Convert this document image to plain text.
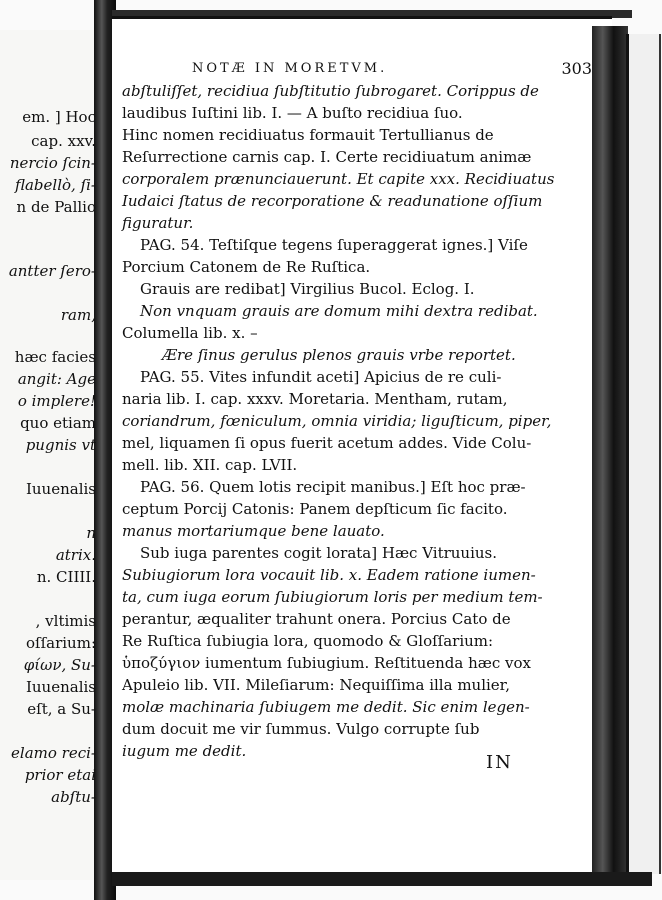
em. ] Hoc
cap. xxv.
nercio ſcin-
flabellò, ſi-
n de Pallio
antter ſero-
ram,
hæc facies
angit: Age
o implere!
quo etiam
pugnis vt
Iuuenalis
n
atrix.
n. CIIII.
, vltimis
oſſarium:
φίων, Su-
Iuuenalis
eſt, a Su-
elamo reci-
prior etai
abſtu-
NOTÆ IN MORETVM.	303
abſtuliſſet, recidiua ſubſtitutio ſubrogaret. Corippus de
laudibus Iuſtini lib. I. — A buſto recidiua ſuo.
Hinc nomen recidiuatus formauit Tertullianus de
Reſurrectione carnis cap. I. Certe recidiuatum animæ
corporalem prænunciauerunt. Et capite xxx. Recidiuatus
Iudaici ſtatus de recorporatione & readunatione oſſium
figuratur.
PAG. 54. Teſtiſque tegens ſuperaggerat ignes.] Viſe
Porcium Catonem de Re Ruſtica.
Grauis are redibat] Virgilius Bucol. Eclog. I.
Non vnquam grauis are domum mihi dextra redibat.
Columella lib. x. –
Ære ſinus gerulus plenos grauis vrbe reportet.
PAG. 55. Vites infundit aceti] Apicius de re culi-
naria lib. I. cap. xxxv. Moretaria. Mentham, rutam,
coriandrum, fœniculum, omnia viridia; liguſticum, piper,
mel, liquamen ſi opus fuerit acetum addes. Vide Colu-
mell. lib. XII. cap. LVII.
PAG. 56. Quem lotis recipit manibus.] Eſt hoc præ-
ceptum Porcij Catonis: Panem depſticum ſic facito.
manus mortariumque bene lauato.
Sub iuga parentes cogit lorata] Hæc Vitruuius.
Subiugiorum lora vocauit lib. x. Eadem ratione iumen-
ta, cum iuga eorum ſubiugiorum loris per medium tem-
perantur, æqualiter trahunt onera. Porcius Cato de
Re Ruſtica ſubiugia lora, quomodo & Gloſſarium:
ὑποζύγιον iumentum ſubiugium. Reſtituenda hæc vox
Apuleio lib. VII. Mileſiarum: Nequiſſima illa mulier,
molæ machinaria ſubiugem me dedit. Sic enim legen-
dum docuit me vir ſummus. Vulgo corrupte ſub
iugum me dedit.
IN
